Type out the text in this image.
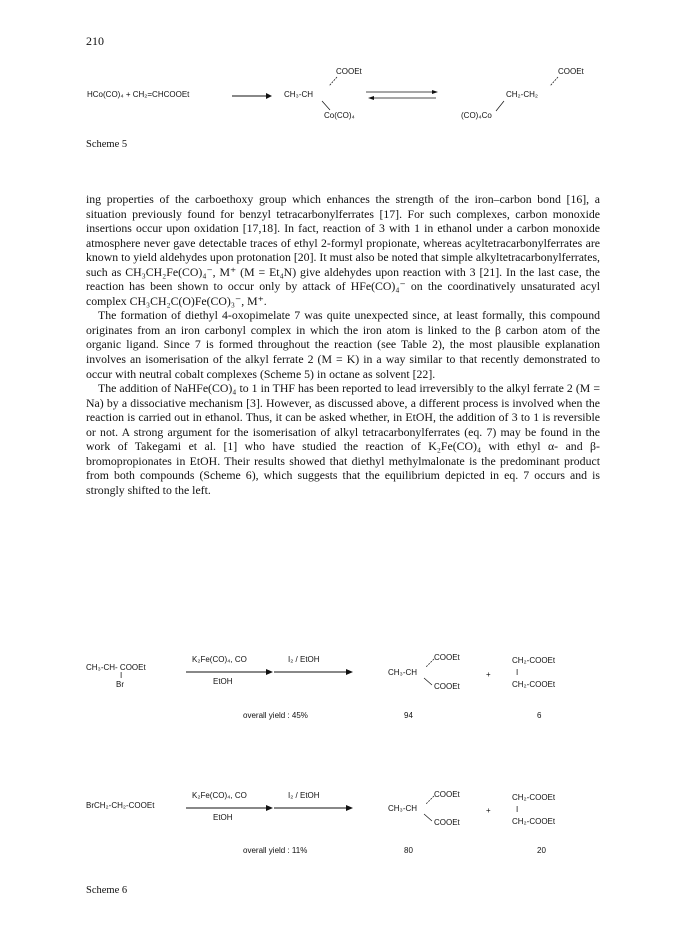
210
HCo(CO)₄ + CH₂=CHCOOEt
COOEt
CH₃-CH
Co(CO)₄
COOEt
CH₂-CH₂
(CO)₄Co
Scheme 5

ing properties of the carboethoxy group which enhances the strength of the iron–carbon bond [16], a situation previously found for benzyl tetracarbonylferrates [17]. For such complexes, carbon monoxide insertions occur upon oxidation [17,18]. In fact, reaction of 3 with 1 in ethanol under a carbon monoxide atmosphere never gave detectable traces of ethyl 2-formyl propionate, whereas acyltetracarbonylferrates are known to yield aldehydes upon protonation [20]. It must also be noted that simple alkyltetracarbonylferrates, such as CH₃CH₂Fe(CO)₄⁻, M⁺ (M = Et₄N) give aldehydes upon reaction with 3 [21]. In the last case, the reaction has been shown to occur only by attack of HFe(CO)₄⁻ on the coordinatively unsaturated acyl complex CH₃CH₂C(O)Fe(CO)₃⁻, M⁺.

The formation of diethyl 4-oxopimelate 7 was quite unexpected since, at least formally, this compound originates from an iron carbonyl complex in which the iron atom is linked to the β carbon atom of the organic ligand. Since 7 is formed throughout the reaction (see Table 2), the most plausible explanation involves an isomerisation of the alkyl ferrate 2 (M = K) in a way similar to that recently demonstrated to occur with neutral cobalt complexes (Scheme 5) in octane as solvent [22].

The addition of NaHFe(CO)₄ to 1 in THF has been reported to lead irreversibly to the alkyl ferrate 2 (M = Na) by a dissociative mechanism [3]. However, as discussed above, a different process is involved when the reaction is carried out in ethanol. Thus, it can be asked whether, in EtOH, the addition of 3 to 1 is reversible or not. A strong argument for the isomerisation of alkyl tetracarbonylferrates (eq. 7) may be found in the work of Takegami et al. [1] who have studied the reaction of K₂Fe(CO)₄ with ethyl α- and β-bromopropionates in EtOH. Their results showed that diethyl methylmalonate is the predominant product from both compounds (Scheme 6), which suggests that the equilibrium depicted in eq. 7 occurs and is strongly shifted to the left.

CH₃-CH- COOEt
I
Br
K₂Fe(CO)₄, CO
EtOH
I₂ / EtOH	COOEt
CH₃-CH
COOEt
+
CH₂-COOEt
I
CH₂-COOEt
overall yield : 45%	94	6
BrCH₂-CH₂-COOEt
K₂Fe(CO)₄, CO
EtOH
I₂ / EtOH	COOEt
CH₃-CH
COOEt
+
CH₂-COOEt
I
CH₂-COOEt
overall yield : 11%	80	20
Scheme 6
